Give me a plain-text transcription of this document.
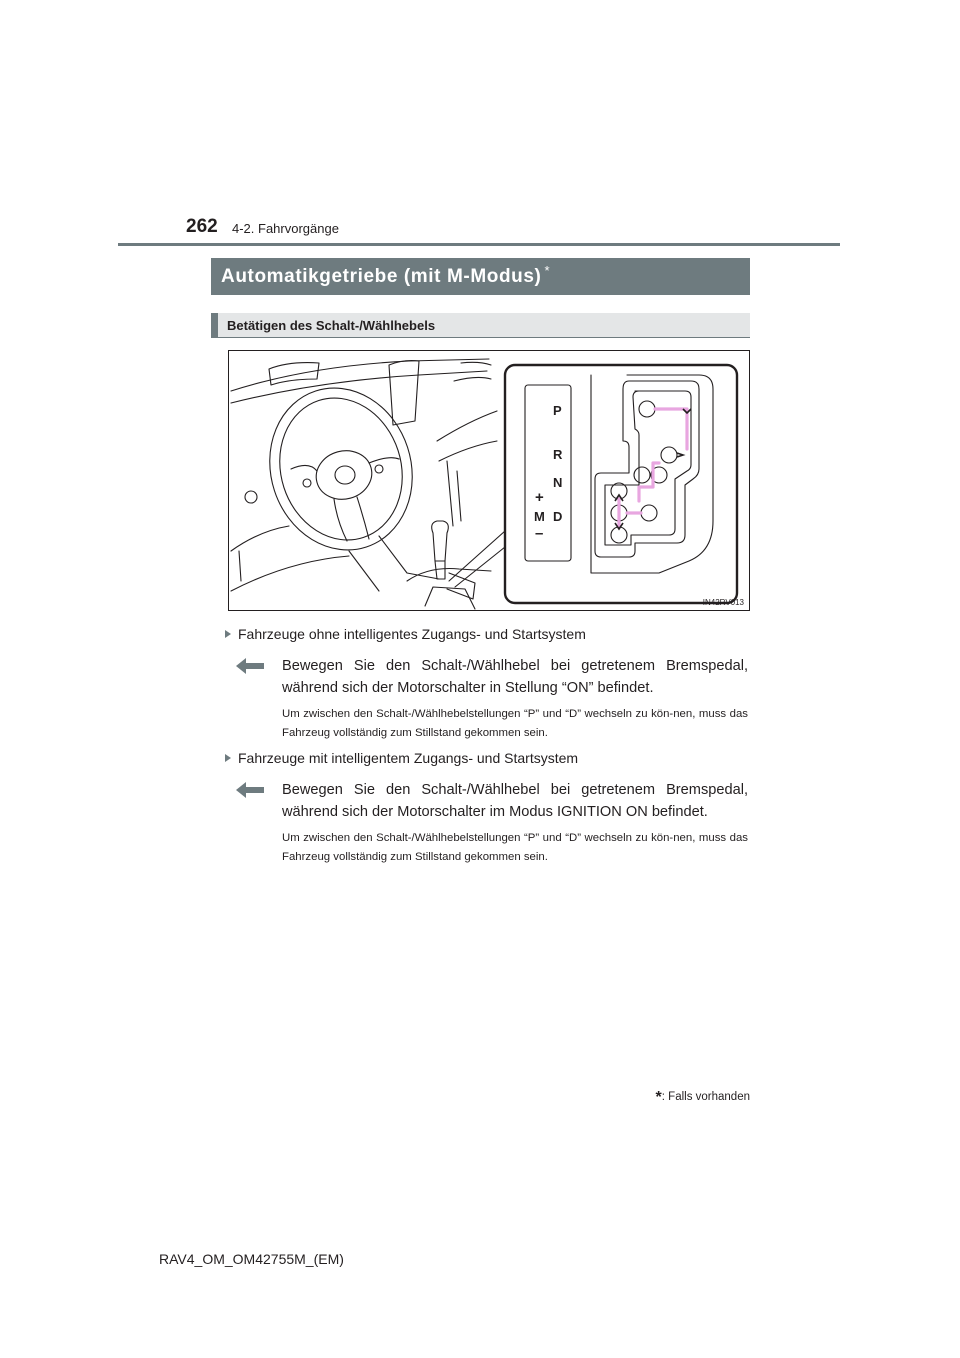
262 4-2. Fahrvorgänge
Automatikgetriebe (mit M-Modus) *
Betätigen des Schalt-/Wählhebels
P
R
N
D
M
+
–
IN42RV013
Fahrzeuge ohne intelligentes Zugangs- und Startsystem
Bewegen Sie den Schalt-/Wählhebel bei getretenem Bremspedal, während sich der Motorschalter in Stellung “ON” befindet.
Um zwischen den Schalt-/Wählhebelstellungen “P” und “D” wechseln zu kön-nen, muss das Fahrzeug vollständig zum Stillstand gekommen sein.
Fahrzeuge mit intelligentem Zugangs- und Startsystem
Bewegen Sie den Schalt-/Wählhebel bei getretenem Bremspedal, während sich der Motorschalter im Modus IGNITION ON befindet.
Um zwischen den Schalt-/Wählhebelstellungen “P” und “D” wechseln zu kön-nen, muss das Fahrzeug vollständig zum Stillstand gekommen sein.
*: Falls vorhanden
RAV4_OM_OM42755M_(EM)
